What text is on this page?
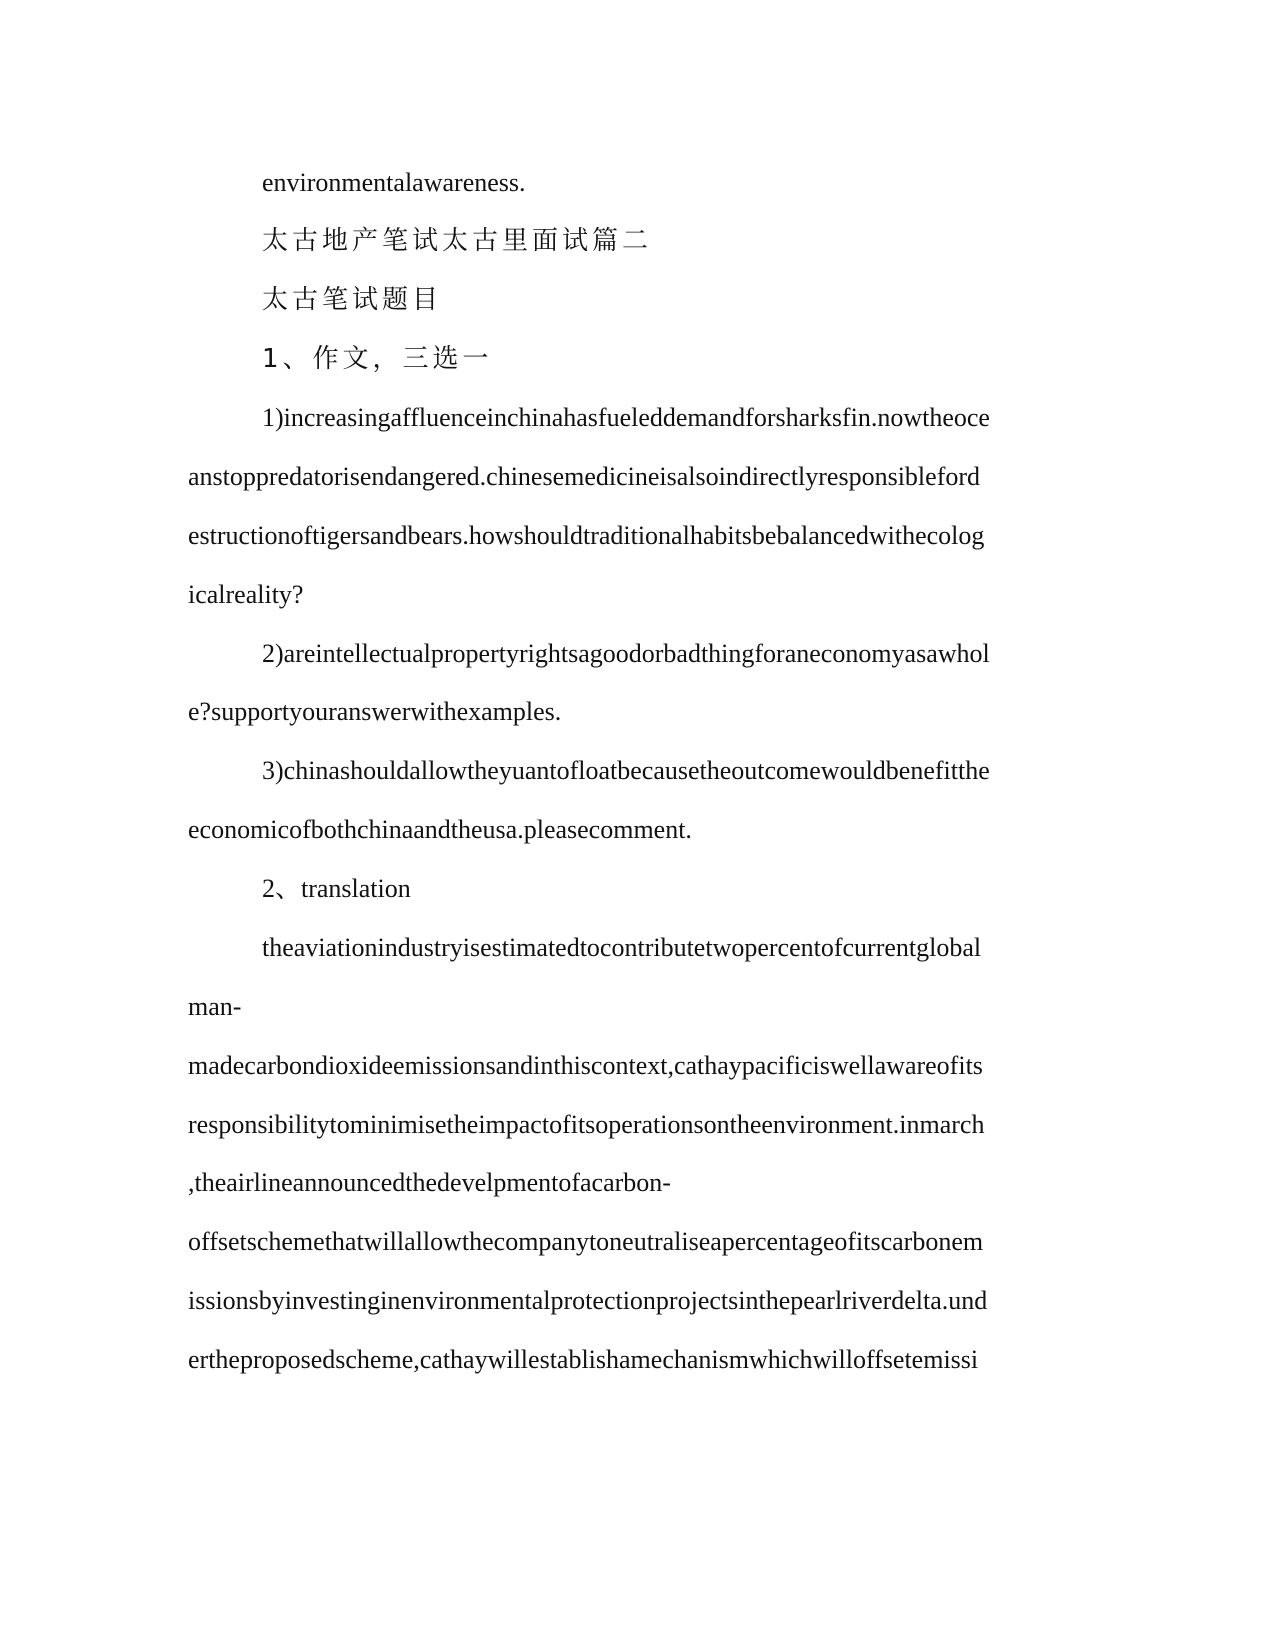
environmentalawareness.
太古地产笔试太古里面试篇二
太古笔试题目
1、作文，三选一
1)increasingaffluenceinchinahasfueleddemandforsharksfin.nowtheoce
anstoppredatorisendangered.chinesemedicineisalsoindirectlyresponsibleford
estructionoftigersandbears.howshouldtraditionalhabitsbebalancedwithecolog
icalreality?
2)areintellectualpropertyrightsagoodorbadthingforaneconomyasawhol
e?supportyouranswerwithexamples.
3)chinashouldallowtheyuantofloatbecausetheoutcomewouldbenefitthe
economicofbothchinaandtheusa.pleasecomment.
2、translation
theaviationindustryisestimatedtocontributetwopercentofcurrentglobal
man-
madecarbondioxideemissionsandinthiscontext,cathaypacificiswellawareofits
responsibilitytominimisetheimpactofitsoperationsontheenvironment.inmarch
,theairlineannouncedthedevelpmentofacarbon-
offsetschemethatwillallowthecompanytoneutraliseapercentageofitscarbonem
issionsbyinvestinginenvironmentalprotectionprojectsinthepearlriverdelta.und
ertheproposedscheme,cathaywillestablishamechanismwhichwilloffsetemissi
